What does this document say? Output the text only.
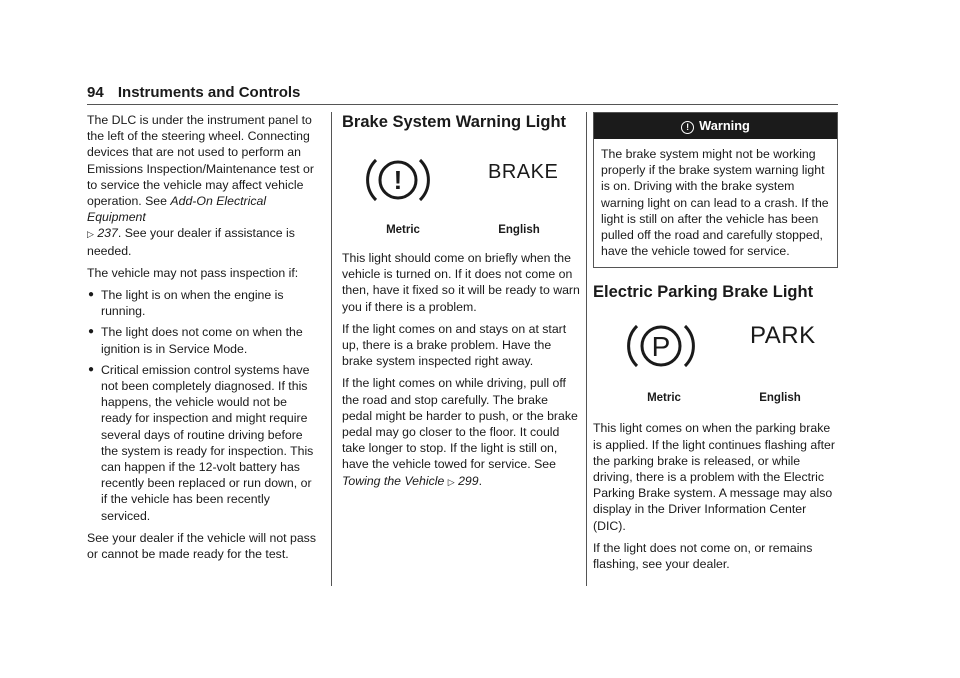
94 Instruments and Controls

The DLC is under the instrument panel to the left of the steering wheel. Connecting devices that are not used to perform an Emissions Inspection/Maintenance test or to service the vehicle may affect vehicle operation. See Add-On Electrical Equipment
▷ 237. See your dealer if assistance is needed.

The vehicle may not pass inspection if:

● The light is on when the engine is running.
● The light does not come on when the ignition is in Service Mode.
● Critical emission control systems have not been completely diagnosed. If this happens, the vehicle would not be ready for inspection and might require several days of routine driving before the system is ready for inspection. This can happen if the 12-volt battery has recently been replaced or run down, or if the vehicle has been recently serviced.

See your dealer if the vehicle will not pass or cannot be made ready for the test.

Brake System Warning Light
!	BRAKE
Metric	English

This light should come on briefly when the vehicle is turned on. If it does not come on then, have it fixed so it will be ready to warn you if there is a problem.

If the light comes on and stays on at start up, there is a brake problem. Have the brake system inspected right away.

If the light comes on while driving, pull off the road and stop carefully. The brake pedal might be harder to push, or the brake pedal may go closer to the floor. It could take longer to stop. If the light is still on, have the vehicle towed for service. See Towing the Vehicle ▷ 299.

! Warning

The brake system might not be working properly if the brake system warning light is on. Driving with the brake system warning light on can lead to a crash. If the light is still on after the vehicle has been pulled off the road and carefully stopped, have the vehicle towed for service.

Electric Parking Brake Light
P	PARK
Metric	English

This light comes on when the parking brake is applied. If the light continues flashing after the parking brake is released, or while driving, there is a problem with the Electric Parking Brake system. A message may also display in the Driver Information Center (DIC).

If the light does not come on, or remains flashing, see your dealer.
